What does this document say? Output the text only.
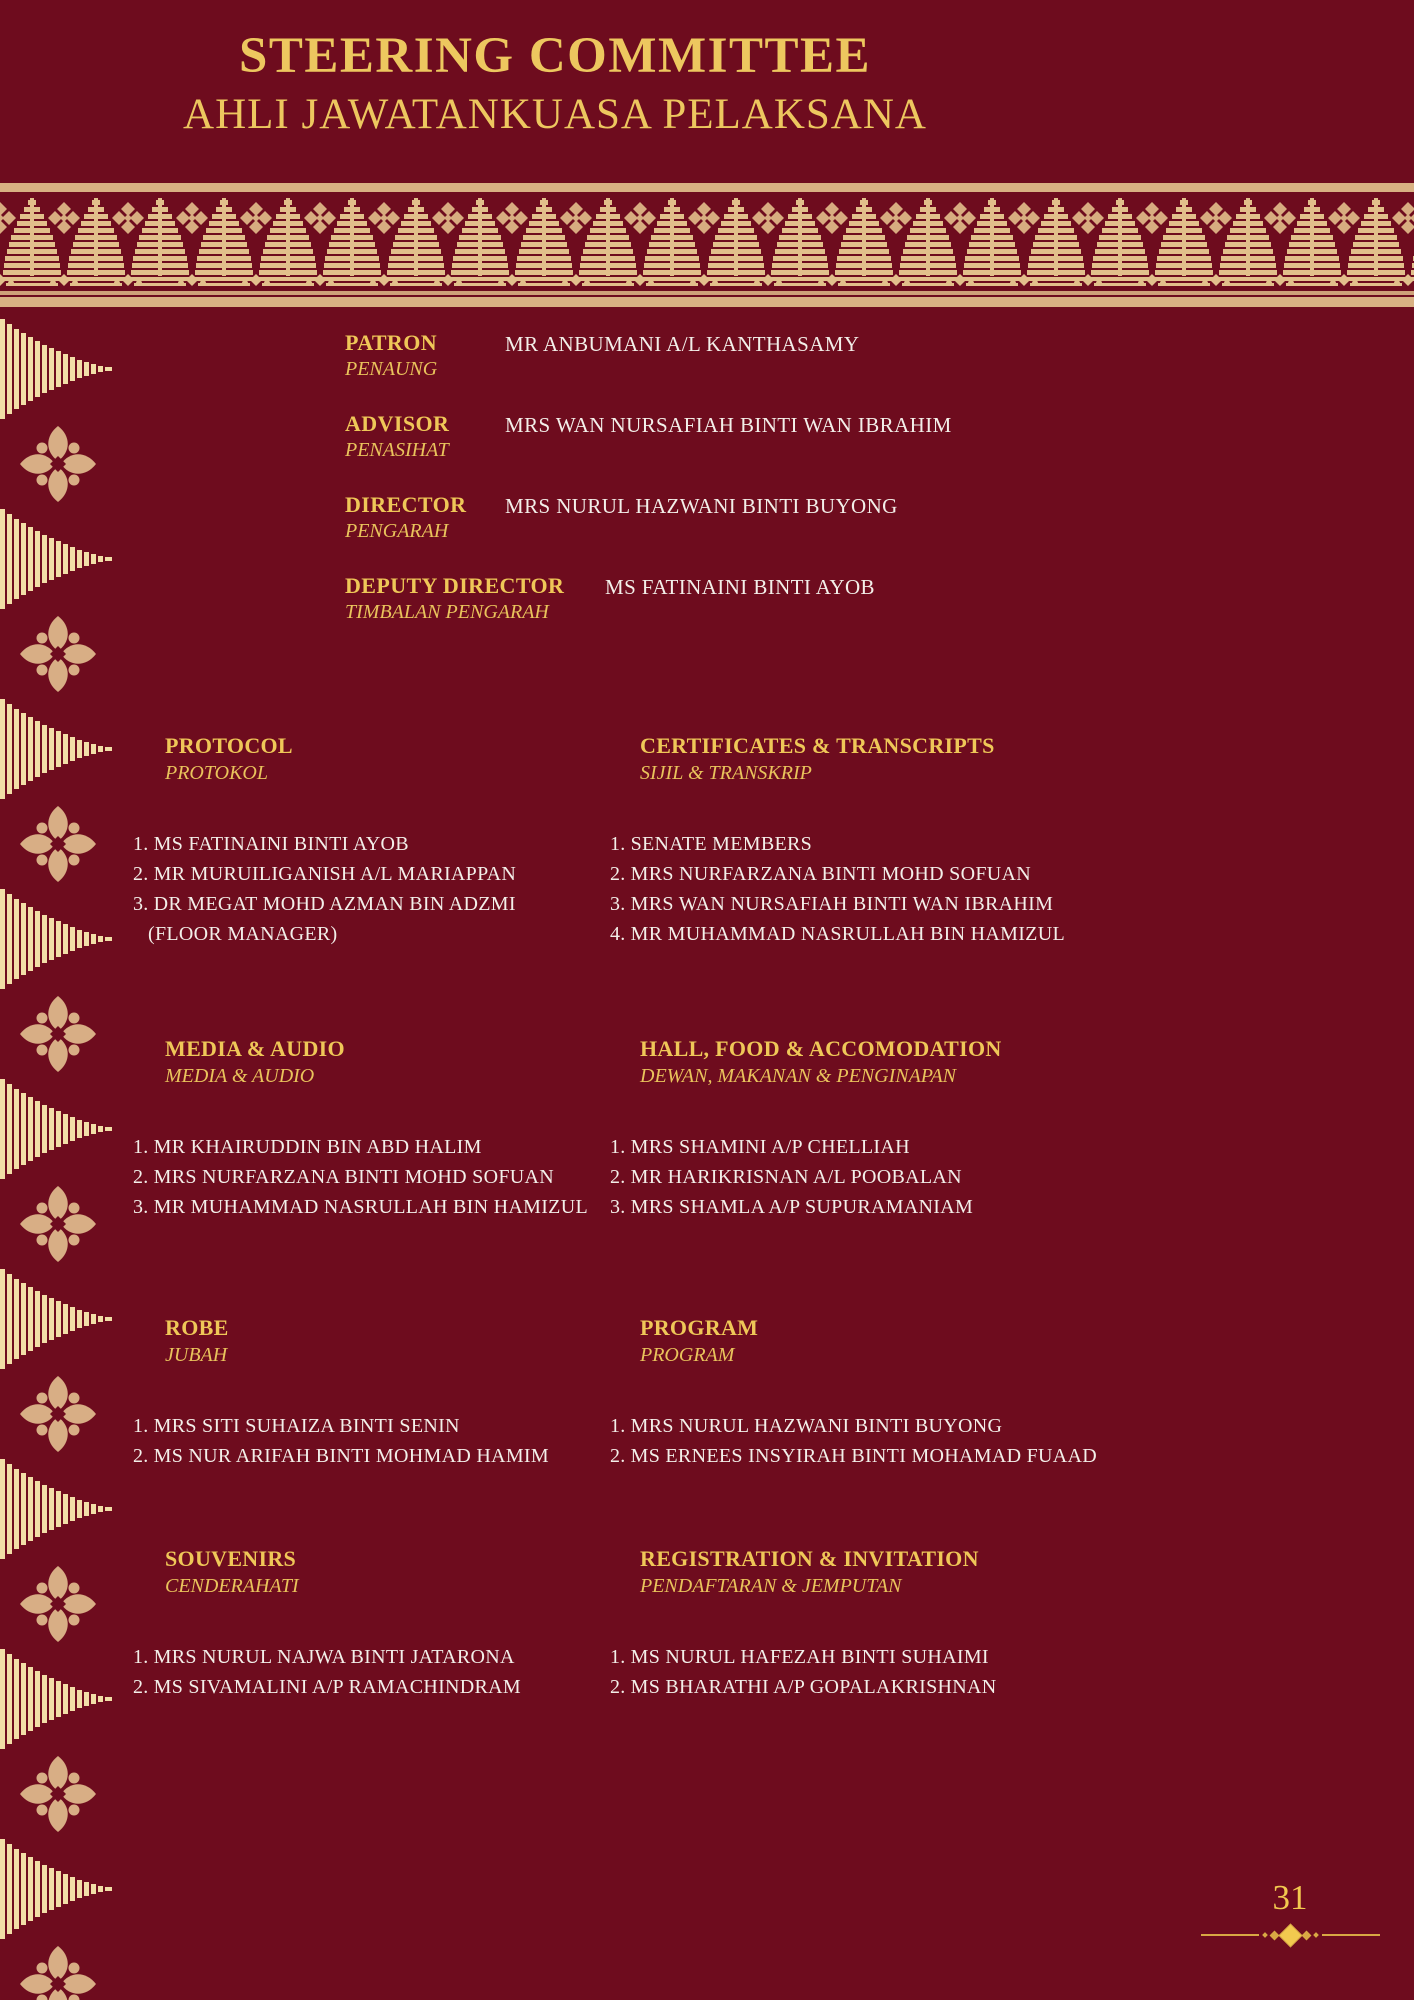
STEERING COMMITTEE
AHLI JAWATANKUASA PELAKSANA
PATRON
PENAUNG
MR ANBUMANI A/L KANTHASAMY
ADVISOR
PENASIHAT
MRS WAN NURSAFIAH BINTI WAN IBRAHIM
DIRECTOR
PENGARAH
MRS NURUL HAZWANI BINTI BUYONG
DEPUTY DIRECTOR
TIMBALAN PENGARAH
MS FATINAINI BINTI AYOB
PROTOCOL
PROTOKOL
1. MS FATINAINI BINTI AYOB
2. MR MURUILIGANISH A/L MARIAPPAN
3. DR MEGAT MOHD AZMAN BIN ADZMI
(FLOOR MANAGER)
CERTIFICATES & TRANSCRIPTS
SIJIL & TRANSKRIP
1. SENATE MEMBERS
2. MRS NURFARZANA BINTI MOHD SOFUAN
3. MRS WAN NURSAFIAH BINTI WAN IBRAHIM
4. MR MUHAMMAD NASRULLAH BIN HAMIZUL
MEDIA & AUDIO
MEDIA & AUDIO
1. MR KHAIRUDDIN BIN ABD HALIM
2. MRS NURFARZANA BINTI MOHD SOFUAN
3. MR MUHAMMAD NASRULLAH BIN HAMIZUL
HALL, FOOD & ACCOMODATION
DEWAN, MAKANAN & PENGINAPAN
1. MRS SHAMINI A/P CHELLIAH
2. MR HARIKRISNAN A/L POOBALAN
3. MRS SHAMLA A/P SUPURAMANIAM
ROBE
JUBAH
1. MRS SITI SUHAIZA BINTI SENIN
2. MS NUR ARIFAH BINTI MOHMAD HAMIM
PROGRAM
PROGRAM
1. MRS NURUL HAZWANI BINTI BUYONG
2. MS ERNEES INSYIRAH BINTI MOHAMAD FUAAD
SOUVENIRS
CENDERAHATI
1. MRS NURUL NAJWA BINTI JATARONA
2. MS SIVAMALINI A/P RAMACHINDRAM
REGISTRATION & INVITATION
PENDAFTARAN & JEMPUTAN
1. MS NURUL HAFEZAH BINTI SUHAIMI
2. MS BHARATHI A/P GOPALAKRISHNAN
31
